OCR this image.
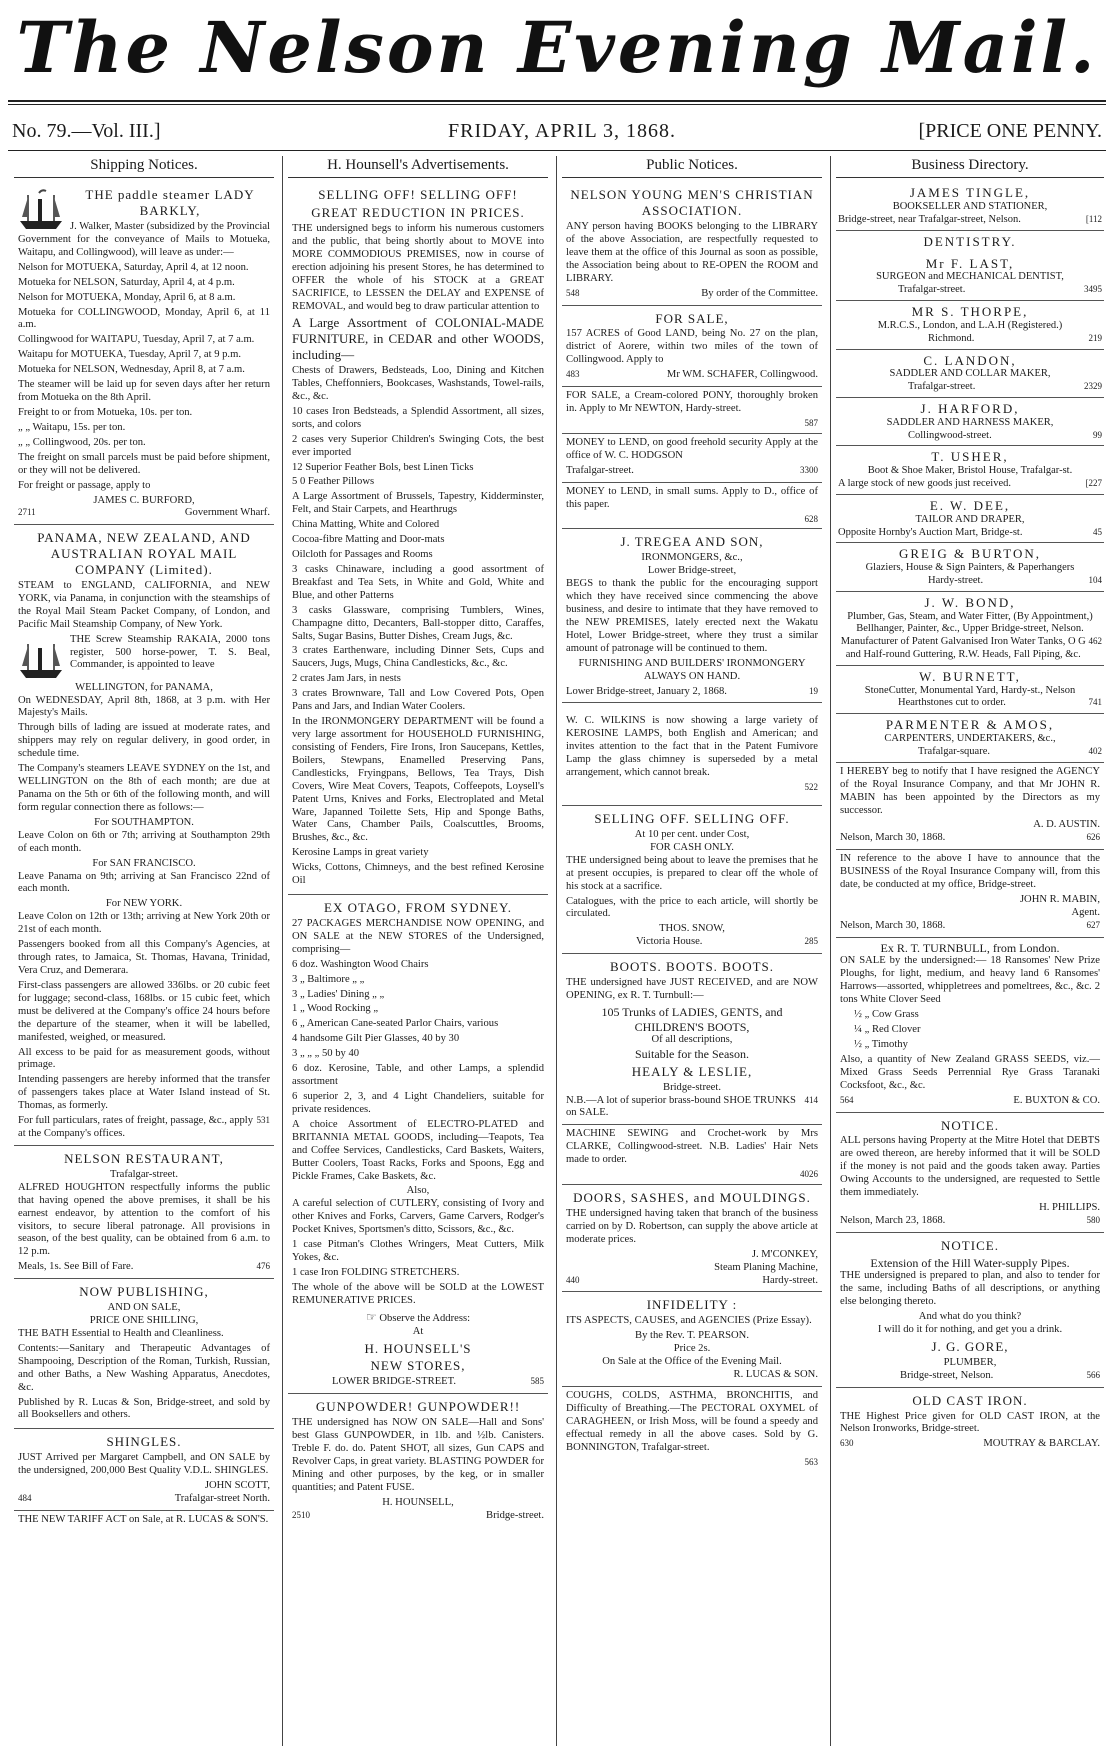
The Nelson Evening Mail.
No. 79.—Vol. III.]	FRIDAY, APRIL 3, 1868.	[PRICE ONE PENNY.
Shipping Notices.
THE paddle steamer LADY BARKLY,

J. Walker, Master (subsidized by the Provincial Government for the conveyance of Mails to Motueka, Waitapu, and Collingwood), will leave as under:—

Nelson for MOTUEKA, Saturday, April 4, at 12 noon.

Motueka for NELSON, Saturday, April 4, at 4 p.m.

Nelson for MOTUEKA, Monday, April 6, at 8 a.m.

Motueka for COLLINGWOOD, Monday, April 6, at 11 a.m.

Collingwood for WAITAPU, Tuesday, April 7, at 7 a.m.

Waitapu for MOTUEKA, Tuesday, April 7, at 9 p.m.

Motueka for NELSON, Wednesday, April 8, at 7 a.m.

The steamer will be laid up for seven days after her return from Motueka on the 8th April.

Freight to or from Motueka, 10s. per ton.

„ „ Waitapu, 15s. per ton.

„ „ Collingwood, 20s. per ton.

The freight on small parcels must be paid before shipment, or they will not be delivered.

For freight or passage, apply to

JAMES C. BURFORD,
2711	Government Wharf.
PANAMA, NEW ZEALAND, AND AUSTRALIAN ROYAL MAIL COMPANY (Limited).

STEAM to ENGLAND, CALIFORNIA, and NEW YORK, via Panama, in conjunction with the steamships of the Royal Mail Steam Packet Company, of London, and Pacific Mail Steamship Company, of New York.

THE Screw Steamship RAKAIA, 2000 tons register, 500 horse-power, T. S. Beal, Commander, is appointed to leave

WELLINGTON, for PANAMA,

On WEDNESDAY, April 8th, 1868, at 3 p.m. with Her Majesty's Mails.

Through bills of lading are issued at moderate rates, and shippers may rely on regular delivery, in good order, in schedule time.

The Company's steamers LEAVE SYDNEY on the 1st, and WELLINGTON on the 8th of each month; are due at Panama on the 5th or 6th of the following month, and will form regular connection there as follows:—

For SOUTHAMPTON.

Leave Colon on 6th or 7th; arriving at Southampton 29th of each month.

For SAN FRANCISCO.

Leave Panama on 9th; arriving at San Francisco 22nd of each month.

For NEW YORK.

Leave Colon on 12th or 13th; arriving at New York 20th or 21st of each month.

Passengers booked from all this Company's Agencies, at through rates, to Jamaica, St. Thomas, Havana, Trinidad, Vera Cruz, and Demerara.

First-class passengers are allowed 336lbs. or 20 cubic feet for luggage; second-class, 168lbs. or 15 cubic feet, which must be delivered at the Company's office 24 hours before the departure of the steamer, when it will be labelled, manifested, weighed, or measured.

All excess to be paid for as measurement goods, without primage.

Intending passengers are hereby informed that the transfer of passengers takes place at Water Island instead of St. Thomas, as formerly.

For full particulars, rates of freight, passage, &c., apply at the Company's offices.
531
NELSON RESTAURANT,
Trafalgar-street.

ALFRED HOUGHTON respectfully informs the public that having opened the above premises, it shall be his earnest endeavor, by attention to the comfort of his visitors, to secure liberal patronage. All provisions in season, of the best quality, can be obtained from 6 a.m. to 12 p.m.

Meals, 1s. See Bill of Fare.	476
NOW PUBLISHING,
AND ON SALE,
PRICE ONE SHILLING,

THE BATH Essential to Health and Cleanliness.

Contents:—Sanitary and Therapeutic Advantages of Shampooing, Description of the Roman, Turkish, Russian, and other Baths, a New Washing Apparatus, Anecdotes, &c.

Published by R. Lucas & Son, Bridge-street, and sold by all Booksellers and others.

SHINGLES.

JUST Arrived per Margaret Campbell, and ON SALE by the undersigned, 200,000 Best Quality V.D.L. SHINGLES.

JOHN SCOTT,
484	Trafalgar-street North.

THE NEW TARIFF ACT on Sale, at R. LUCAS & SON'S.

H. Hounsell's Advertisements.
SELLING OFF! SELLING OFF!
GREAT REDUCTION IN PRICES.

THE undersigned begs to inform his numerous customers and the public, that being shortly about to MOVE into MORE COMMODIOUS PREMISES, now in course of erection adjoining his present Stores, he has determined to OFFER the whole of his STOCK at a GREAT SACRIFICE, to LESSEN the DELAY and EXPENSE of REMOVAL, and would beg to draw particular attention to

A Large Assortment of COLONIAL-MADE FURNITURE, in CEDAR and other WOODS, including—

Chests of Drawers, Bedsteads, Loo, Dining and Kitchen Tables, Cheffonniers, Bookcases, Washstands, Towel-rails, &c., &c.

10 cases Iron Bedsteads, a Splendid Assortment, all sizes, sorts, and colors

2 cases very Superior Children's Swinging Cots, the best ever imported

12 Superior Feather Bols, best Linen Ticks

5 0 Feather Pillows

A Large Assortment of Brussels, Tapestry, Kidderminster, Felt, and Stair Carpets, and Hearthrugs

China Matting, White and Colored

Cocoa-fibre Matting and Door-mats

Oilcloth for Passages and Rooms

3 casks Chinaware, including a good assortment of Breakfast and Tea Sets, in White and Gold, White and Blue, and other Patterns

3 casks Glassware, comprising Tumblers, Wines, Champagne ditto, Decanters, Ball-stopper ditto, Caraffes, Salts, Sugar Basins, Butter Dishes, Cream Jugs, &c.

3 crates Earthenware, including Dinner Sets, Cups and Saucers, Jugs, Mugs, China Candlesticks, &c., &c.

2 crates Jam Jars, in nests

3 crates Brownware, Tall and Low Covered Pots, Open Pans and Jars, and Indian Water Coolers.

In the IRONMONGERY DEPARTMENT will be found a very large assortment for HOUSEHOLD FURNISHING, consisting of Fenders, Fire Irons, Iron Saucepans, Kettles, Boilers, Stewpans, Enamelled Preserving Pans, Candlesticks, Fryingpans, Bellows, Tea Trays, Dish Covers, Wire Meat Covers, Teapots, Coffeepots, Loysell's Patent Urns, Knives and Forks, Electroplated and Metal Ware, Japanned Toilette Sets, Hip and Sponge Baths, Water Cans, Chamber Pails, Coalscuttles, Brooms, Brushes, &c., &c.

Kerosine Lamps in great variety

Wicks, Cottons, Chimneys, and the best refined Kerosine Oil

EX OTAGO, FROM SYDNEY.

27 PACKAGES MERCHANDISE NOW OPENING, and ON SALE at the NEW STORES of the Undersigned, comprising—

6 doz. Washington Wood Chairs

3 „ Baltimore „ „

3 „ Ladies' Dining „ „

1 „ Wood Rocking „

6 „ American Cane-seated Parlor Chairs, various

4 handsome Gilt Pier Glasses, 40 by 30

3 „ „ „ 50 by 40

6 doz. Kerosine, Table, and other Lamps, a splendid assortment

6 superior 2, 3, and 4 Light Chandeliers, suitable for private residences.

A choice Assortment of ELECTRO-PLATED and BRITANNIA METAL GOODS, including—Teapots, Tea and Coffee Services, Candlesticks, Card Baskets, Waiters, Butter Coolers, Toast Racks, Forks and Spoons, Egg and Pickle Frames, Cake Baskets, &c.

Also,

A careful selection of CUTLERY, consisting of Ivory and other Knives and Forks, Carvers, Game Carvers, Rodger's Pocket Knives, Sportsmen's ditto, Scissors, &c., &c.

1 case Pitman's Clothes Wringers, Meat Cutters, Milk Yokes, &c.

1 case Iron FOLDING STRETCHERS.

The whole of the above will be SOLD at the LOWEST REMUNERATIVE PRICES.

☞ Observe the Address:
At
H. HOUNSELL'S
NEW STORES,
LOWER BRIDGE-STREET.	585
GUNPOWDER! GUNPOWDER!!

THE undersigned has NOW ON SALE—Hall and Sons' best Glass GUNPOWDER, in 1lb. and ½lb. Canisters. Treble F. do. do. Patent SHOT, all sizes, Gun CAPS and Revolver Caps, in great variety. BLASTING POWDER for Mining and other purposes, by the keg, or in smaller quantities; and Patent FUSE.

H. HOUNSELL,
2510	Bridge-street.
Public Notices.
NELSON YOUNG MEN'S CHRISTIAN ASSOCIATION.

ANY person having BOOKS belonging to the LIBRARY of the above Association, are respectfully requested to leave them at the office of this Journal as soon as possible, the Association being about to RE-OPEN the ROOM and LIBRARY.

548	By order of the Committee.
FOR SALE,

157 ACRES of Good LAND, being No. 27 on the plan, district of Aorere, within two miles of the town of Collingwood. Apply to

483	Mr WM. SCHAFER, Collingwood.

FOR SALE, a Cream-colored PONY, thoroughly broken in. Apply to Mr NEWTON, Hardy-street.

587

MONEY to LEND, on good freehold security Apply at the office of W. C. HODGSON

Trafalgar-street.	3300

MONEY to LEND, in small sums. Apply to D., office of this paper.

628
J. TREGEA AND SON,
IRONMONGERS, &c.,
Lower Bridge-street,

BEGS to thank the public for the encouraging support which they have received since commencing the above business, and desire to intimate that they have removed to the NEW PREMISES, lately erected next the Wakatu Hotel, Lower Bridge-street, where they trust a similar amount of patronage will be continued to them.

FURNISHING AND BUILDERS' IRONMONGERY ALWAYS ON HAND.

Lower Bridge-street, January 2, 1868.	19

W. C. WILKINS is now showing a large variety of KEROSINE LAMPS, both English and American; and invites attention to the fact that in the Patent Fumivore Lamp the glass chimney is superseded by a metal arrangement, which cannot break.

522
SELLING OFF. SELLING OFF.
At 10 per cent. under Cost,
FOR CASH ONLY.

THE undersigned being about to leave the premises that he at present occupies, is prepared to clear off the whole of his stock at a sacrifice.

Catalogues, with the price to each article, will shortly be circulated.

THOS. SNOW,
Victoria House.	285
BOOTS. BOOTS. BOOTS.

THE undersigned have JUST RECEIVED, and are NOW OPENING, ex R. T. Turnbull:—

105 Trunks of LADIES, GENTS, and CHILDREN'S BOOTS,
Of all descriptions,
Suitable for the Season.
HEALY & LESLIE,
Bridge-street.
N.B.—A lot of superior brass-bound SHOE TRUNKS on SALE.
414

MACHINE SEWING and Crochet-work by Mrs CLARKE, Collingwood-street. N.B. Ladies' Hair Nets made to order.

4026
DOORS, SASHES, and MOULDINGS.

THE undersigned having taken that branch of the business carried on by D. Robertson, can supply the above article at moderate prices.

J. M'CONKEY,
Steam Planing Machine,
440	Hardy-street.
INFIDELITY :

ITS ASPECTS, CAUSES, and AGENCIES (Prize Essay).

By the Rev. T. PEARSON.
Price 2s.
On Sale at the Office of the Evening Mail.
R. LUCAS & SON.

COUGHS, COLDS, ASTHMA, BRONCHITIS, and Difficulty of Breathing.—The PECTORAL OXYMEL of CARAGHEEN, or Irish Moss, will be found a speedy and effectual remedy in all the above cases. Sold by G. BONNINGTON, Trafalgar-street.

563
Business Directory.
JAMES TINGLE,
BOOKSELLER AND STATIONER,
Bridge-street, near Trafalgar-street, Nelson.	[112
DENTISTRY.
Mr F. LAST,
SURGEON and MECHANICAL DENTIST,
Trafalgar-street.	3495
MR S. THORPE,
M.R.C.S., London, and L.A.H (Registered.)
Richmond.	219
C. LANDON,
SADDLER AND COLLAR MAKER,
Trafalgar-street.	2329
J. HARFORD,
SADDLER AND HARNESS MAKER,
Collingwood-street.	99
T. USHER,
Boot & Shoe Maker, Bristol House, Trafalgar-st.
A large stock of new goods just received.	[227
E. W. DEE,
TAILOR AND DRAPER,
Opposite Hornby's Auction Mart, Bridge-st.	45
GREIG & BURTON,
Glaziers, House & Sign Painters, & Paperhangers
Hardy-street.	104
J. W. BOND,
Plumber, Gas, Steam, and Water Fitter, (By Appointment,) Bellhanger, Painter, &c., Upper Bridge-street, Nelson.
Manufacturer of Patent Galvanised Iron Water Tanks, O G and Half-round Guttering, R.W. Heads, Fall Piping, &c.
462
W. BURNETT,
StoneCutter, Monumental Yard, Hardy-st., Nelson
Hearthstones cut to order.	741
PARMENTER & AMOS,
CARPENTERS, UNDERTAKERS, &c.,
Trafalgar-square.	402

I HEREBY beg to notify that I have resigned the AGENCY of the Royal Insurance Company, and that Mr JOHN R. MABIN has been appointed by the Directors as my successor.

A. D. AUSTIN.
Nelson, March 30, 1868.	626

IN reference to the above I have to announce that the BUSINESS of the Royal Insurance Company will, from this date, be conducted at my office, Bridge-street.

JOHN R. MABIN,
Agent.
Nelson, March 30, 1868.	627
Ex R. T. TURNBULL, from London.

ON SALE by the undersigned:— 18 Ransomes' New Prize Ploughs, for light, medium, and heavy land 6 Ransomes' Harrows—assorted, whippletrees and pomeltrees, &c., &c. 2 tons White Clover Seed

½ „ Cow Grass

¼ „ Red Clover

½ „ Timothy

Also, a quantity of New Zealand GRASS SEEDS, viz.— Mixed Grass Seeds Perrennial Rye Grass Taranaki Cocksfoot, &c., &c.

564	E. BUXTON & CO.
NOTICE.

ALL persons having Property at the Mitre Hotel that DEBTS are owed thereon, are hereby informed that it will be SOLD if the money is not paid and the goods taken away. Parties Owing Accounts to the undersigned, are requested to Settle them immediately.

H. PHILLIPS.
Nelson, March 23, 1868.	580
NOTICE.
Extension of the Hill Water-supply Pipes.

THE undersigned is prepared to plan, and also to tender for the same, including Baths of all descriptions, or anything else belonging thereto.

And what do you think?
I will do it for nothing, and get you a drink.
J. G. GORE,
PLUMBER,
Bridge-street, Nelson.	566
OLD CAST IRON.

THE Highest Price given for OLD CAST IRON, at the Nelson Ironworks, Bridge-street.

630	MOUTRAY & BARCLAY.
